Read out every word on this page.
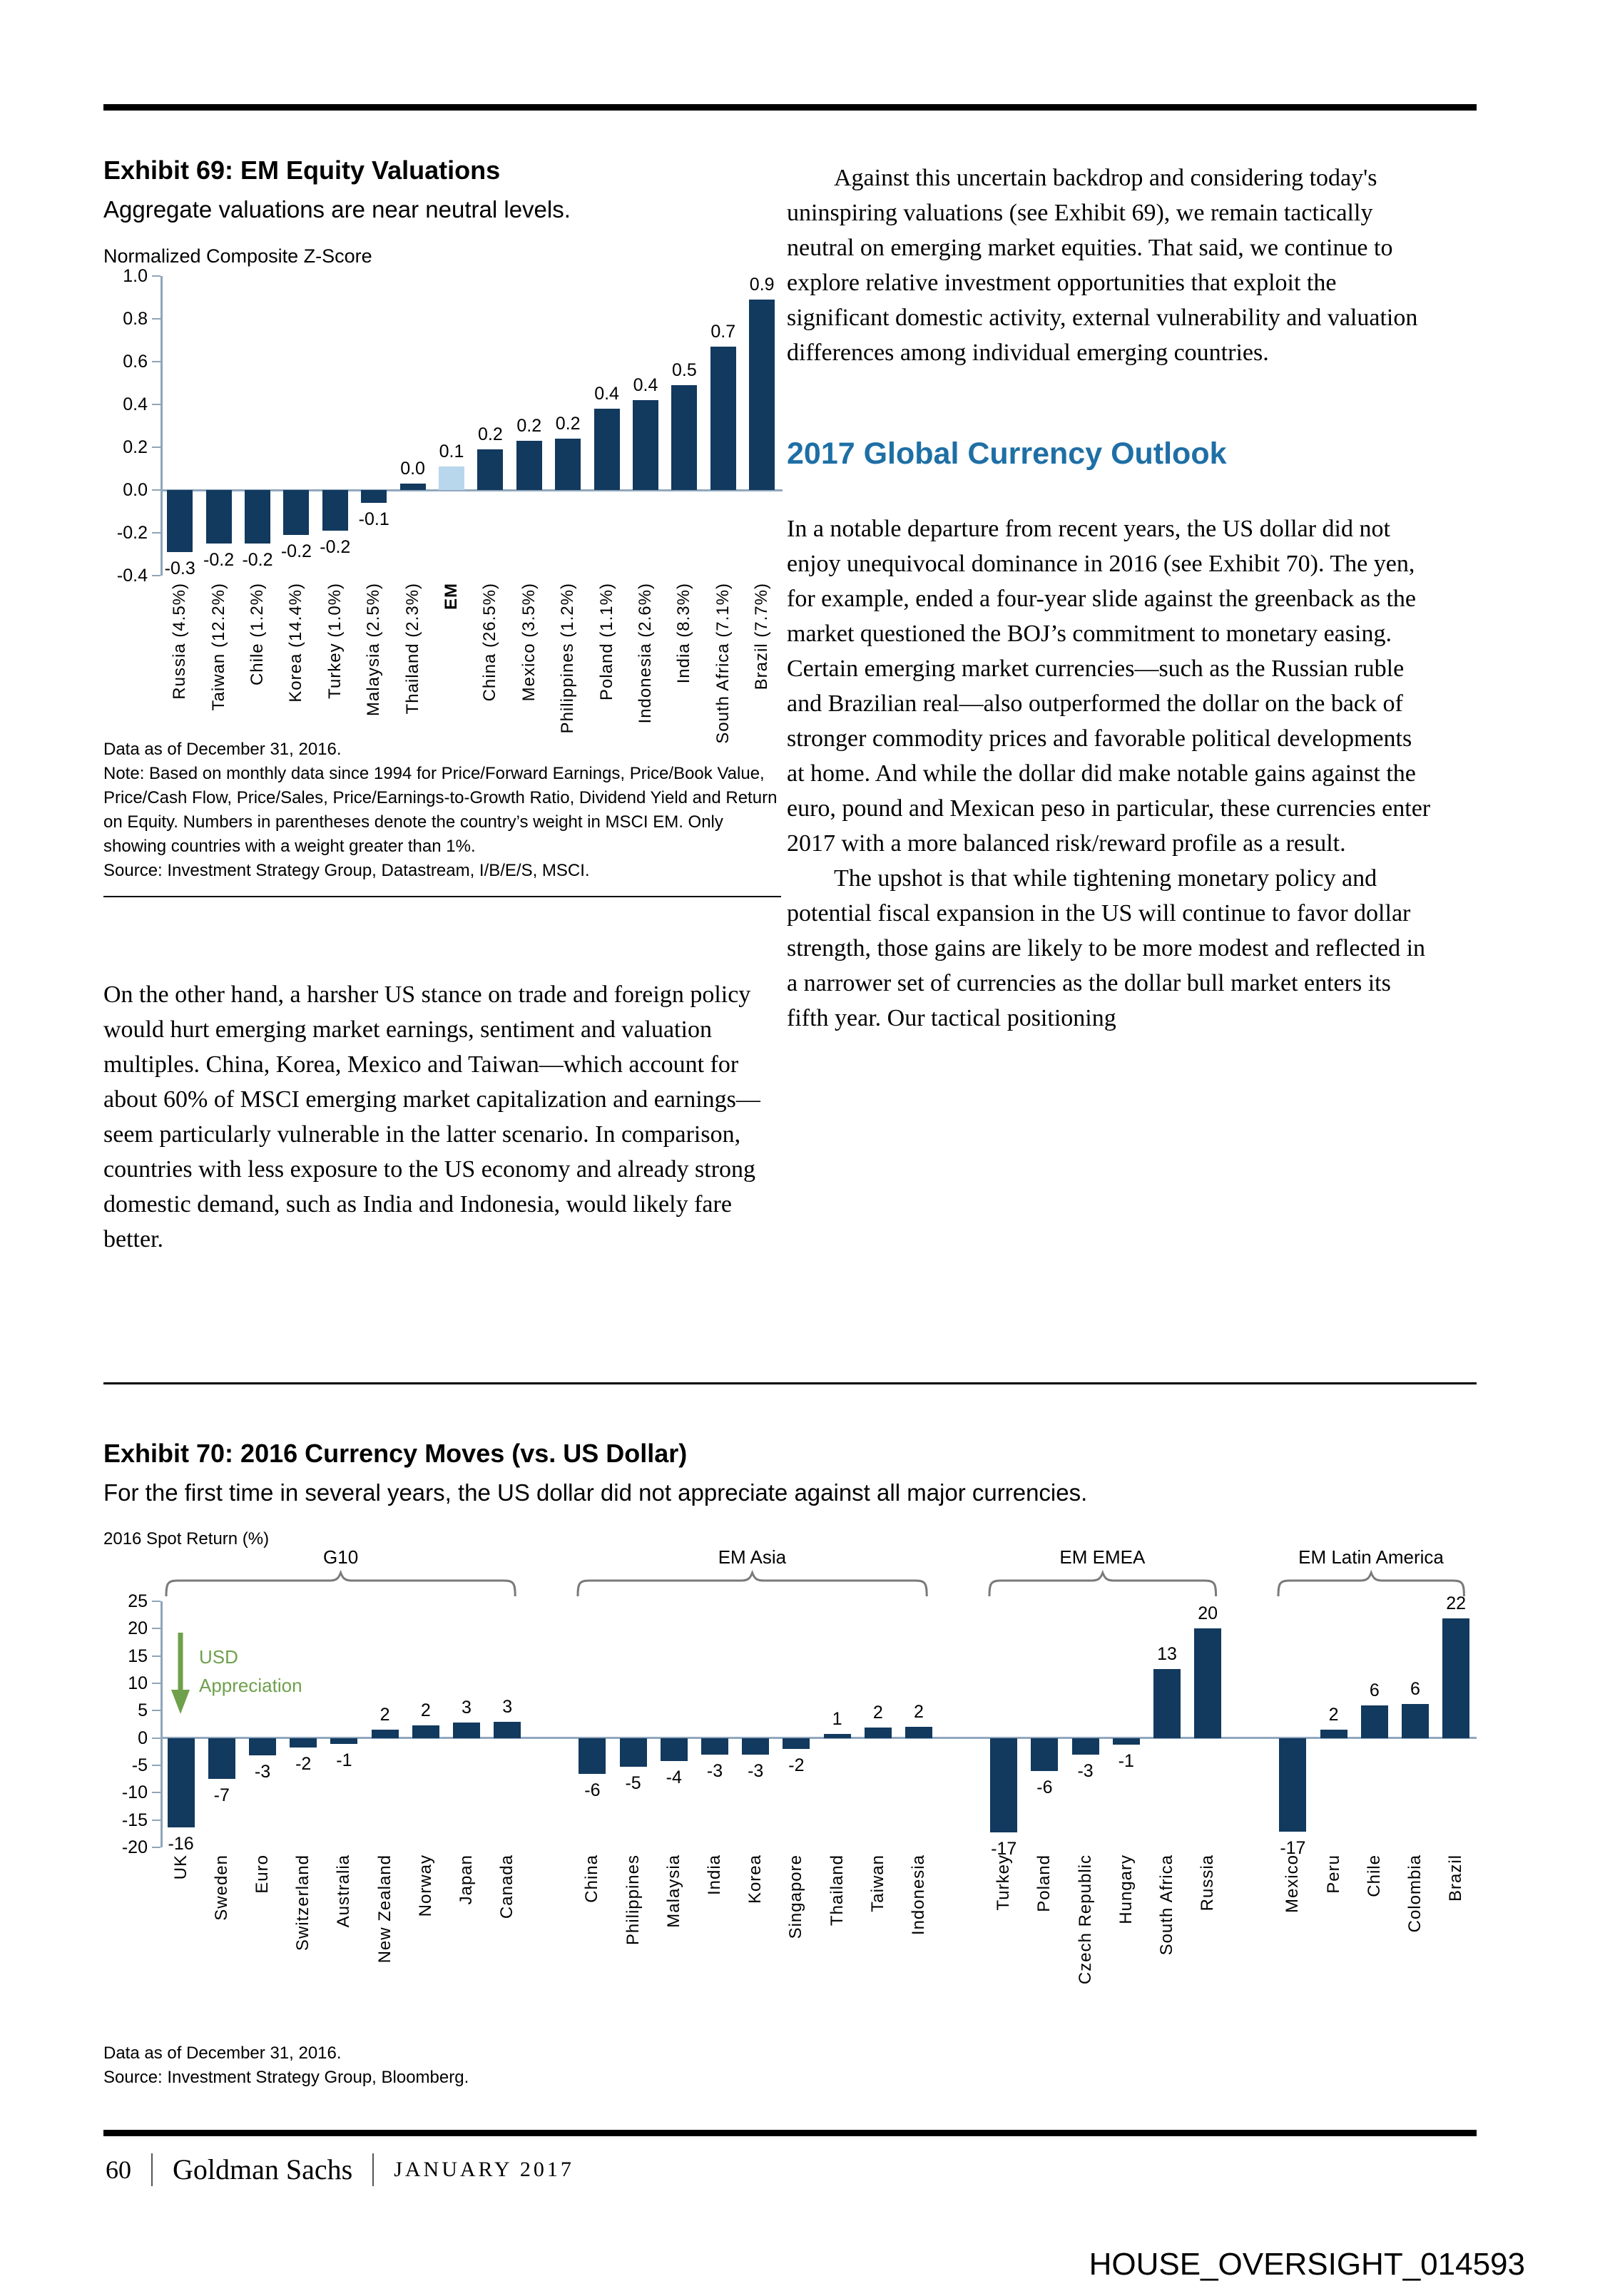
Exhibit 69: EM Equity Valuations
Aggregate valuations are near neutral levels.
Normalized Composite Z-Score
1.0
0.8
0.6
0.4
0.2
0.0
-0.2
-0.4 -0.3 -0.2 -0.2 -0.2 -0.2
-0.1
0.0
0.1
0.2 0.2 0.2
0.4 0.4
0.5
0.7
0.9
Russia (4.5%) Taiwan (12.2%) Chile (1.2%) Korea (14.4%) Turkey (1.0%) Malaysia (2.5%) Thailand (2.3%) EM China (26.5%) Mexico (3.5%) Philippines (1.2%) Poland (1.1%) Indonesia (2.6%) India (8.3%) South Africa (7.1%) Brazil (7.7%)
Data as of December 31, 2016.
Note: Based on monthly data since 1994 for Price/Forward Earnings, Price/Book Value, Price/Cash Flow, Price/Sales, Price/Earnings-to-Growth Ratio, Dividend Yield and Return on Equity. Numbers in parentheses denote the country’s weight in MSCI EM. Only showing countries with a weight greater than 1%.
Source: Investment Strategy Group, Datastream, I/B/E/S, MSCI.

On the other hand, a harsher US stance on trade and foreign policy would hurt emerging market earnings, sentiment and valuation multiples. China, Korea, Mexico and Taiwan—which account for about 60% of MSCI emerging market capitalization and earnings—seem particularly vulnerable in the latter scenario. In comparison, countries with less exposure to the US economy and already strong domestic demand, such as India and Indonesia, would likely fare better.

Against this uncertain backdrop and considering today's uninspiring valuations (see Exhibit 69), we remain tactically neutral on emerging market equities. That said, we continue to explore relative investment opportunities that exploit the significant domestic activity, external vulnerability and valuation differences among individual emerging countries.

2017 Global Currency Outlook

In a notable departure from recent years, the US dollar did not enjoy unequivocal dominance in 2016 (see Exhibit 70). The yen, for example, ended a four-year slide against the greenback as the market questioned the BOJ’s commitment to monetary easing. Certain emerging market currencies—such as the Russian ruble and Brazilian real—also outperformed the dollar on the back of stronger commodity prices and favorable political developments at home. And while the dollar did make notable gains against the euro, pound and Mexican peso in particular, these currencies enter 2017 with a more balanced risk/reward profile as a result.

The upshot is that while tightening monetary policy and potential fiscal expansion in the US will continue to favor dollar strength, those gains are likely to be more modest and reflected in a narrower set of currencies as the dollar bull market enters its fifth year. Our tactical positioning

Exhibit 70: 2016 Currency Moves (vs. US Dollar)
For the first time in several years, the US dollar did not appreciate against all major currencies.
2016 Spot Return (%)
G10	EM Asia	EM EMEA	EM Latin America
25
20
15
10
5
0
-5
-10
-15
-20
USD
Appreciation
-16
-7
-3	-2	-1
2	2	3	3
-6	-5	-4	-3	-3	-2
1	2	2
-17
-6
-3
-1
13
20
-17
2
6	6
22
UK Sweden Euro Switzerland Australia New Zealand Norway Japan Canada	China Philippines Malaysia India Korea Singapore Thailand Taiwan Indonesia	Turkey Poland Czech Republic Hungary South Africa Russia	Mexico Peru Chile Colombia Brazil
Data as of December 31, 2016.
Source: Investment Strategy Group, Bloomberg.
60 Goldman Sachs JANUARY 2017
HOUSE_OVERSIGHT_014593
